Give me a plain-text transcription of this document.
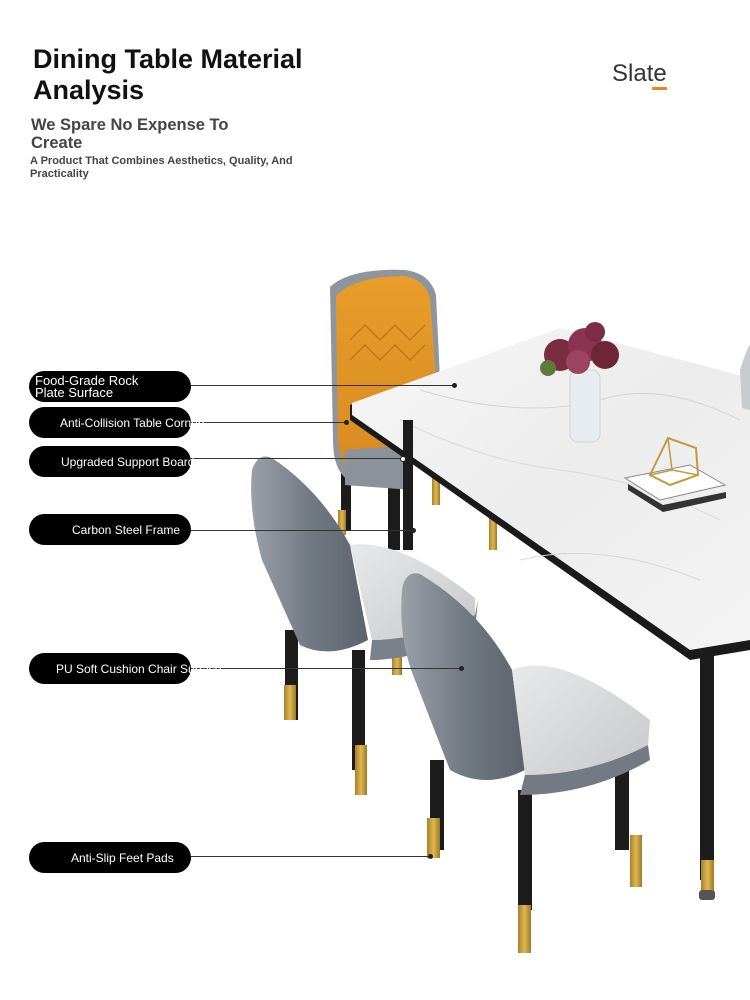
Dining Table Material Analysis
We Spare No Expense To Create
A Product That Combines Aesthetics, Quality, And Practicality
Slate
Food-Grade Rock Plate Surface
Anti-Collision Table Corners
Upgraded Support Board
Carbon Steel Frame
PU Soft Cushion Chair Surface
Anti-Slip Feet Pads
